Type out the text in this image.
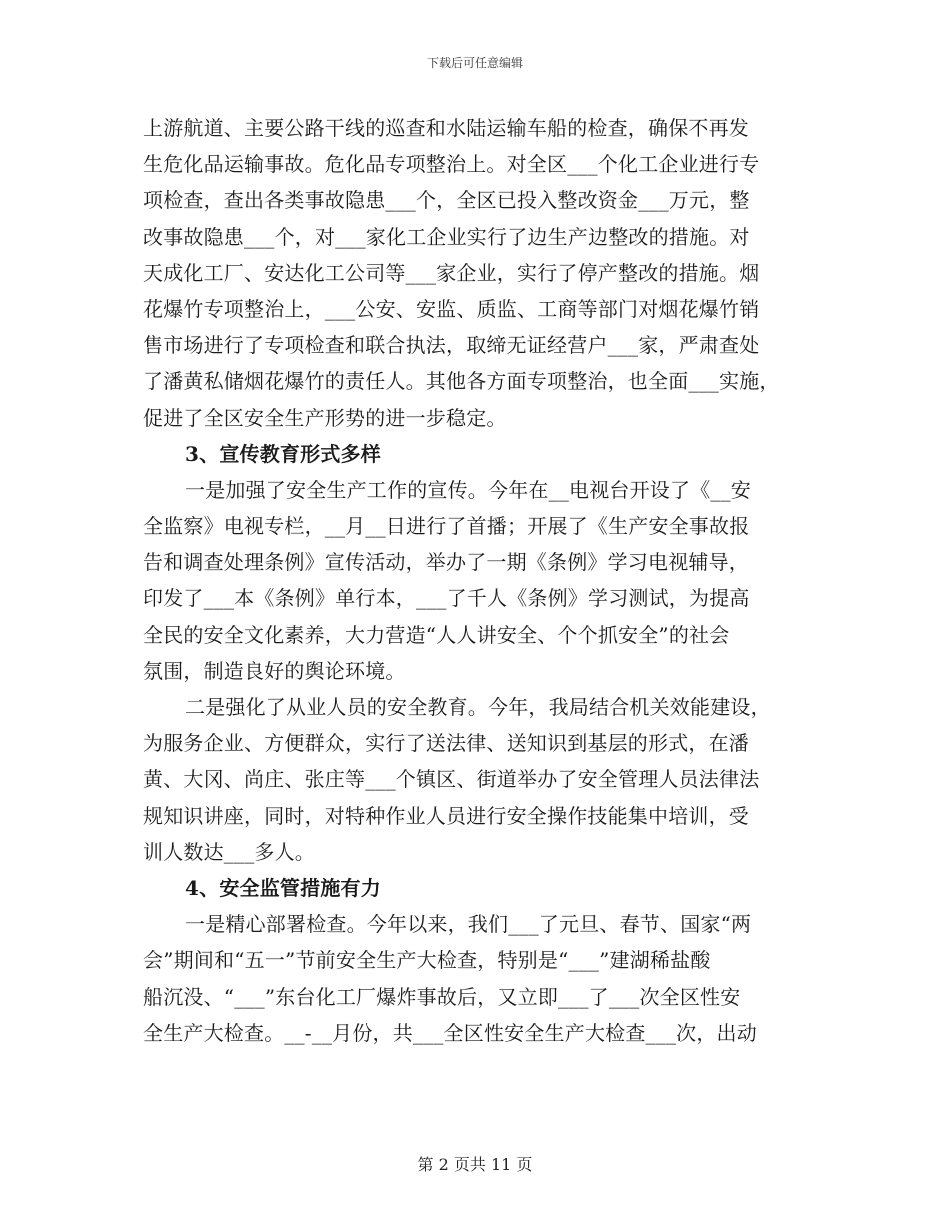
下载后可任意编辑
上游航道、主要公路干线的巡查和水陆运输车船的检查，确保不再发
生危化品运输事故。危化品专项整治上。对全区___个化工企业进行专
项检查，查出各类事故隐患___个，全区已投入整改资金___万元，整
改事故隐患___个，对___家化工企业实行了边生产边整改的措施。对
天成化工厂、安达化工公司等___家企业，实行了停产整改的措施。烟
花爆竹专项整治上，___公安、安监、质监、工商等部门对烟花爆竹销
售市场进行了专项检查和联合执法，取缔无证经营户___家，严肃查处
了潘黄私储烟花爆竹的责任人。其他各方面专项整治，也全面___实施，
促进了全区安全生产形势的进一步稳定。
3、宣传教育形式多样
一是加强了安全生产工作的宣传。今年在__电视台开设了《__安
全监察》电视专栏，__月__日进行了首播；开展了《生产安全事故报
告和调查处理条例》宣传活动，举办了一期《条例》学习电视辅导，
印发了___本《条例》单行本，___了千人《条例》学习测试，为提高
全民的安全文化素养，大力营造“人人讲安全、个个抓安全”的社会
氛围，制造良好的舆论环境。
二是强化了从业人员的安全教育。今年，我局结合机关效能建设，
为服务企业、方便群众，实行了送法律、送知识到基层的形式，在潘
黄、大冈、尚庄、张庄等___个镇区、街道举办了安全管理人员法律法
规知识讲座，同时，对特种作业人员进行安全操作技能集中培训，受
训人数达___多人。
4、安全监管措施有力
一是精心部署检查。今年以来，我们___了元旦、春节、国家“两
会”期间和“五一”节前安全生产大检查，特别是“___”建湖稀盐酸
船沉没、“___”东台化工厂爆炸事故后，又立即___了___次全区性安
全生产大检查。__-__月份，共___全区性安全生产大检查___次，出动
第 2 页共 11 页
